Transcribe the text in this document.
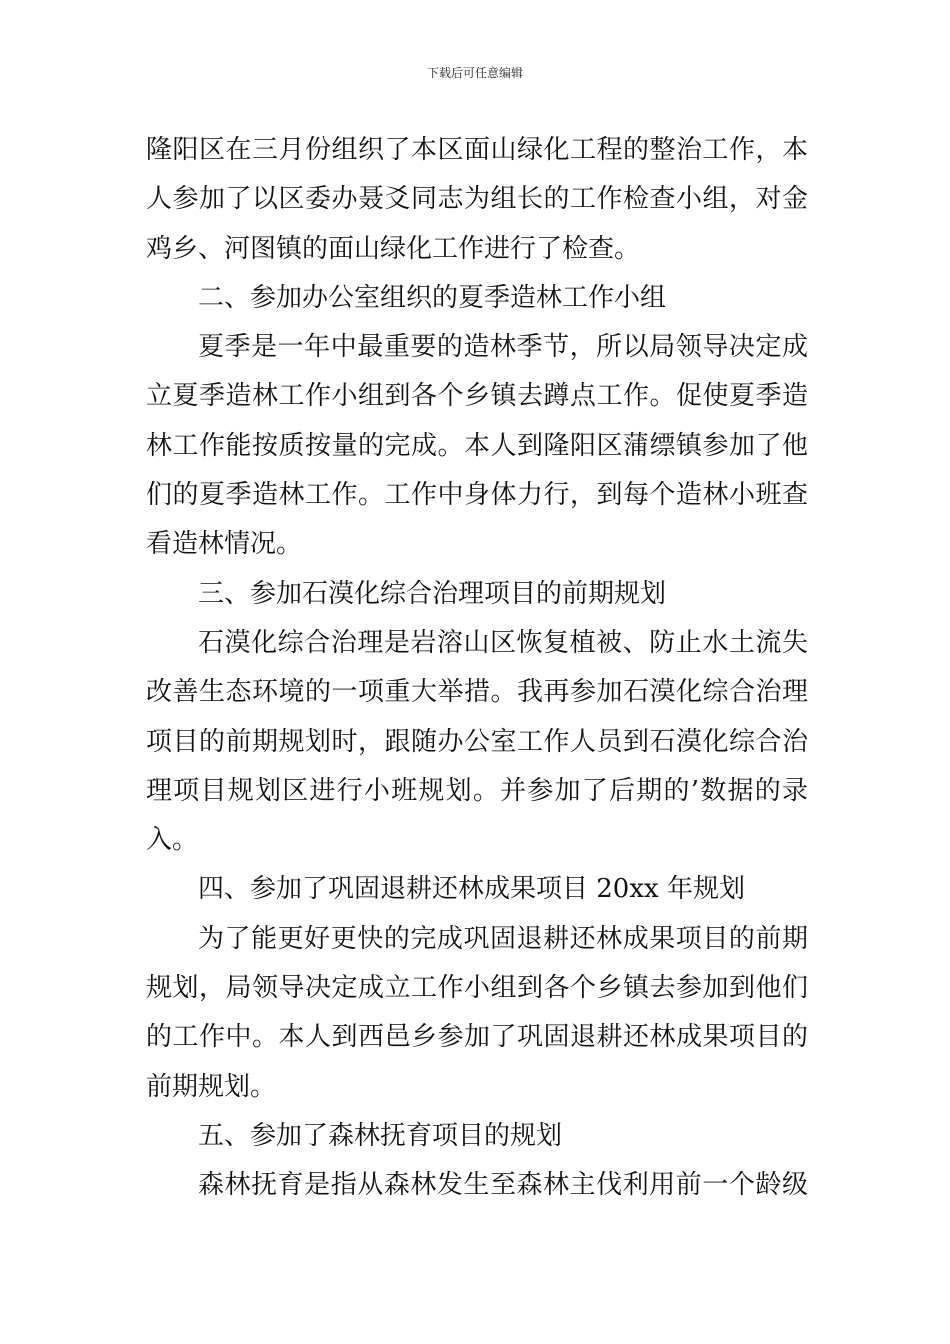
下载后可任意编辑
隆阳区在三月份组织了本区面山绿化工程的整治工作，本
人参加了以区委办聂爻同志为组长的工作检查小组，对金
鸡乡、河图镇的面山绿化工作进行了检查。
二、参加办公室组织的夏季造林工作小组
夏季是一年中最重要的造林季节，所以局领导决定成
立夏季造林工作小组到各个乡镇去蹲点工作。促使夏季造
林工作能按质按量的完成。本人到隆阳区蒲缥镇参加了他
们的夏季造林工作。工作中身体力行，到每个造林小班查
看造林情况。
三、参加石漠化综合治理项目的前期规划
石漠化综合治理是岩溶山区恢复植被、防止水土流失
改善生态环境的一项重大举措。我再参加石漠化综合治理
项目的前期规划时，跟随办公室工作人员到石漠化综合治
理项目规划区进行小班规划。并参加了后期的’数据的录
入。
四、参加了巩固退耕还林成果项目 20xx 年规划
为了能更好更快的完成巩固退耕还林成果项目的前期
规划，局领导决定成立工作小组到各个乡镇去参加到他们
的工作中。本人到西邑乡参加了巩固退耕还林成果项目的
前期规划。
五、参加了森林抚育项目的规划
森林抚育是指从森林发生至森林主伐利用前一个龄级
